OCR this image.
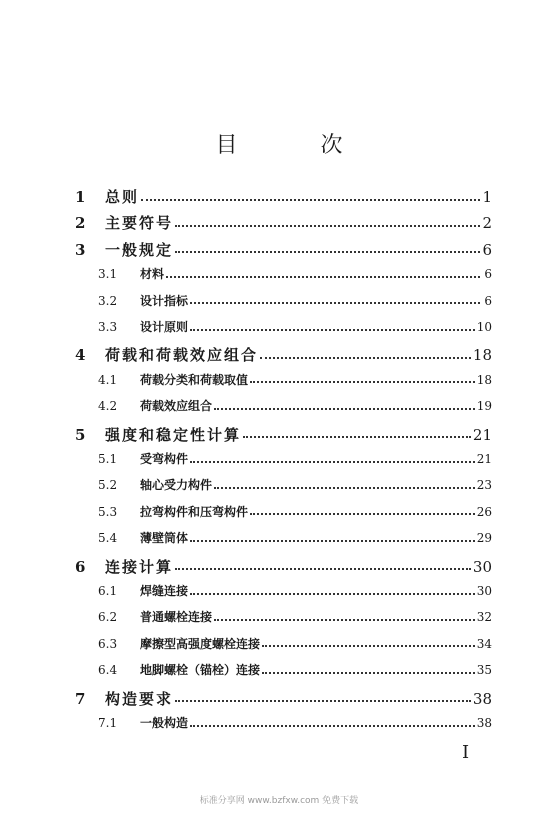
目 次
1	总则	1
2	主要符号	2
3	一般规定	6
3.1	材料	6
3.2	设计指标	6
3.3	设计原则	10
4	荷载和荷载效应组合	18
4.1	荷载分类和荷载取值	18
4.2	荷载效应组合	19
5	强度和稳定性计算	21
5.1	受弯构件	21
5.2	轴心受力构件	23
5.3	拉弯构件和压弯构件	26
5.4	薄壁筒体	29
6	连接计算	30
6.1	焊缝连接	30
6.2	普通螺栓连接	32
6.3	摩擦型高强度螺栓连接	34
6.4	地脚螺栓（锚栓）连接	35
7	构造要求	38
7.1	一般构造	38
I
标准分享网 www.bzfxw.com 免费下载
